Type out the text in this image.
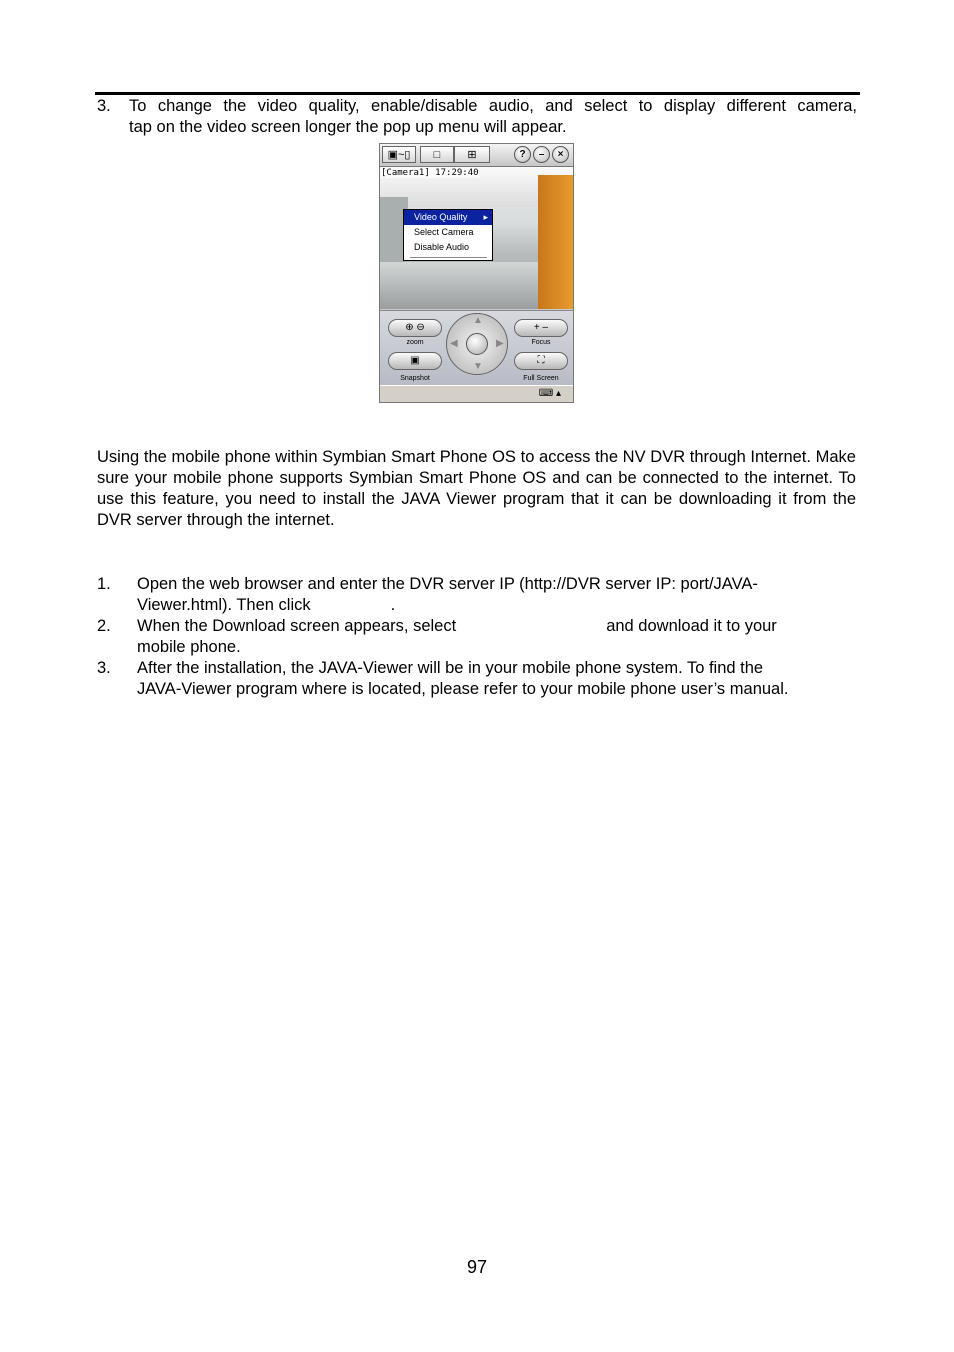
3. To change the video quality, enable/disable audio, and select to display different camera,
tap on the video screen longer the pop up menu will appear.
▣~▯	□	⊞	?	–	×
[Camera1] 17:29:40
Video Quality ▸
Select Camera
Disable Audio
⊕ ⊖
zoom
▣
Snapshot
▲
▼
◀	▶
+ –
Focus
⛶
Full Screen
⌨ ▴
Using the mobile phone within Symbian Smart Phone OS to access the NV DVR through Internet. Make sure your mobile phone supports Symbian Smart Phone OS and can be connected to the internet. To use this feature, you need to install the JAVA Viewer program that it can be downloading it from the DVR server through the internet.
1. Open the web browser and enter the DVR server IP (http://DVR server IP: port/JAVA-
Viewer.html). Then click	.
2. When the Download screen appears, select	and download it to your
mobile phone.
3. After the installation, the JAVA-Viewer will be in your mobile phone system. To find the
JAVA-Viewer program where is located, please refer to your mobile phone user’s manual.
97
